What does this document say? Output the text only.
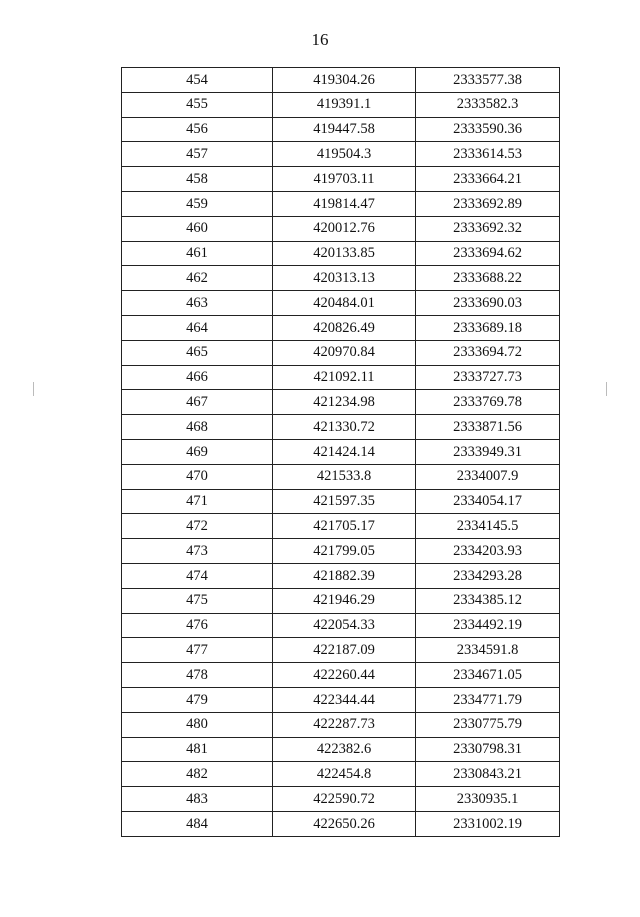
16
454	419304.26	2333577.38
455	419391.1	2333582.3
456	419447.58	2333590.36
457	419504.3	2333614.53
458	419703.11	2333664.21
459	419814.47	2333692.89
460	420012.76	2333692.32
461	420133.85	2333694.62
462	420313.13	2333688.22
463	420484.01	2333690.03
464	420826.49	2333689.18
465	420970.84	2333694.72
466	421092.11	2333727.73
467	421234.98	2333769.78
468	421330.72	2333871.56
469	421424.14	2333949.31
470	421533.8	2334007.9
471	421597.35	2334054.17
472	421705.17	2334145.5
473	421799.05	2334203.93
474	421882.39	2334293.28
475	421946.29	2334385.12
476	422054.33	2334492.19
477	422187.09	2334591.8
478	422260.44	2334671.05
479	422344.44	2334771.79
480	422287.73	2330775.79
481	422382.6	2330798.31
482	422454.8	2330843.21
483	422590.72	2330935.1
484	422650.26	2331002.19
